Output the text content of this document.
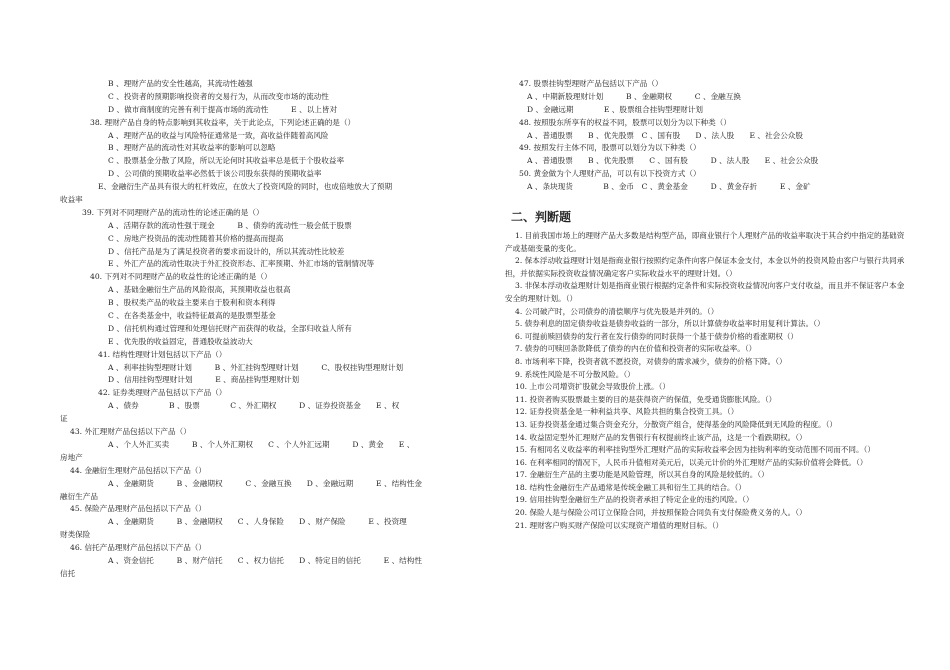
B 、理财产品的安全性越高，其流动性越强
C 、投资者的预期影响投资者的交易行为，从而改变市场的流动性
D 、做市商制度的完善有利于提高市场的流动性　　　E 、以上皆对
38. 理财产品自身的特点影响到其收益率，关于此论点，下列论述正确的是（）
A 、理财产品的收益与风险特征通常是一致，高收益伴随着高风险
B 、理财产品的流动性对其收益率的影响可以忽略
C 、股票基金分散了风险，所以无论何时其收益率总是低于个股收益率
D 、公司债的预期收益率必然低于该公司股东获得的预期收益率
E、金融衍生产品具有很大的杠杆效应，在放大了投资风险的同时，也成倍地放大了预期
收益率
39. 下列对不同理财产品的流动性的论述正确的是（）
A 、活期存款的流动性强于现金　　　B 、债券的流动性一般会低于股票
C 、房地产投资品的流动性随着其价格的提高而提高
D 、信托产品是为了满足投资者的要求而设计的，所以其流动性比较差
E 、外汇产品的流动性取决于外汇投资形态、汇率预期、外汇市场的管制情况等
40. 下列对不同理财产品的收益性的论述正确的是（）
A 、基础金融衍生产品的风险很高，其预期收益也很高
B 、股权类产品的收益主要来自于股利和资本利得
C 、在各类基金中，收益特征最高的是股票型基金
D 、信托机构通过管理和处理信托财产而获得的收益，全部归收益人所有
E 、优先股的收益固定，普通股收益波动大
41. 结构性理财计划包括以下产品（）
A 、利率挂钩型理财计划　　　B 、外汇挂钩型理财计划　　　C、股权挂钩型理财计划
D 、信用挂钩型理财计划　　　E 、商品挂钩型理财计划
42. 证券类理财产品包括以下产品（）
A 、债券　　　　B 、股票　　　　C 、外汇期权　　　D 、证券投资基金　　E 、权
证
43. 外汇理财产品包括以下产品（）
A 、个人外汇买卖　　　B 、个人外汇期权　　C 、个人外汇远期　　　D 、黄金　　E 、
房地产
44. 金融衍生理财产品包括以下产品（）
A 、金融期货　　　B 、金融期权　　　C 、金融互换　　D 、金融远期　　　E 、结构性金
融衍生产品
45. 保险产品理财产品包括以下产品（）
A 、金融期货　　　B 、金融期权　　C 、人身保险　　D 、财产保险　　　E 、投资理
财类保险
46. 信托产品理财产品包括以下产品（）
A 、资金信托　　　B 、财产信托　　C 、权力信托　　D 、特定目的信托　　　E 、结构性
信托
47. 股票挂钩型理财产品包括以下产品（）
A 、中期新股理财计划　　　B 、金融期权　　　C 、金融互换
D 、金融远期　　　　E 、股票组合挂钩型理财计划
48. 按照股东所享有的权益不同，股票可以划分为以下种类（）
A 、普通股票　　B 、优先股票　C 、国有股　　D 、法人股　　E 、社会公众股
49. 按照发行主体不同，股票可以划分为以下种类（）
A 、普通股票　　B 、优先股票　　C 、国有股　　　D 、法人股　　E 、社会公众股
50. 黄金做为个人理财产品，可以有以下投资方式（）
A 、条块现货　　　　B 、金币　C 、黄金基金　　　D 、黄金存折　　　E 、金矿
二、判断题
1. 目前我国市场上的理财产品大多数是结构型产品，即商业银行个人理财产品的收益率取决于其合约中指定的基础资产或基础变量的变化。
2. 保本浮动收益理财计划是指商业银行按照约定条件向客户保证本金支付，本金以外的投资风险由客户与银行共同承担，并依据实际投资收益情况确定客户实际收益水平的理财计划。（）
3. 非保本浮动收益理财计划是指商业银行根据约定条件和实际投资收益情况向客户支付收益，而且并不保证客户本金安全的理财计划。（）
4. 公司破产时，公司债券的清偿顺序与优先股是并列的。（）
5. 债券利息的固定债券收益是债券收益的一部分，所以计算债券收益率时用复利计算法。（）
6. 可提前赎回债券的发行者在发行债券的同时获得一个基于债券价格的看涨期权（）
7. 债券的可赎回条款降低了债券的内在价值和投资者的实际收益率。（）
8. 市场利率下降，投资者就不愿投资，对债券的需求减少，债券的价格下降。（）
9. 系统性风险是不可分散风险。（）
10. 上市公司增资扩股就会导致股价上涨。（）
11. 投资者购买股票最主要的目的是获得资产的保值，免受通货膨胀风险。（）
12. 证券投资基金是一种利益共享、风险共担的集合投资工具。（）
13. 证券投资基金通过集合资金充分，分散资产组合，使得基金的风险降低到无风险的程度。（）
14. 收益固定型外汇理财产品的发售银行有权提前终止该产品，这是一个看跌期权。（）
15. 有相同名义收益率的利率挂钩型外汇理财产品的实际收益率会因为挂钩利率的变动范围不同而不同。（）
16. 在利率相同的情况下，人民币升值相对美元后，以美元计价的外汇理财产品的实际价值将会降低。（）
17. 金融衍生产品的主要功能是风险管理，所以其自身的风险是较低的。（）
18. 结构性金融衍生产品通常是传统金融工具和衍生工具的结合。（）
19. 信用挂钩型金融衍生产品的投资者承担了特定企业的违约风险。（）
20. 保险人是与保险公司订立保险合同，并按照保险合同负有支付保险费义务的人。（）
21. 理财客户购买财产保险可以实现资产增值的理财目标。（）
